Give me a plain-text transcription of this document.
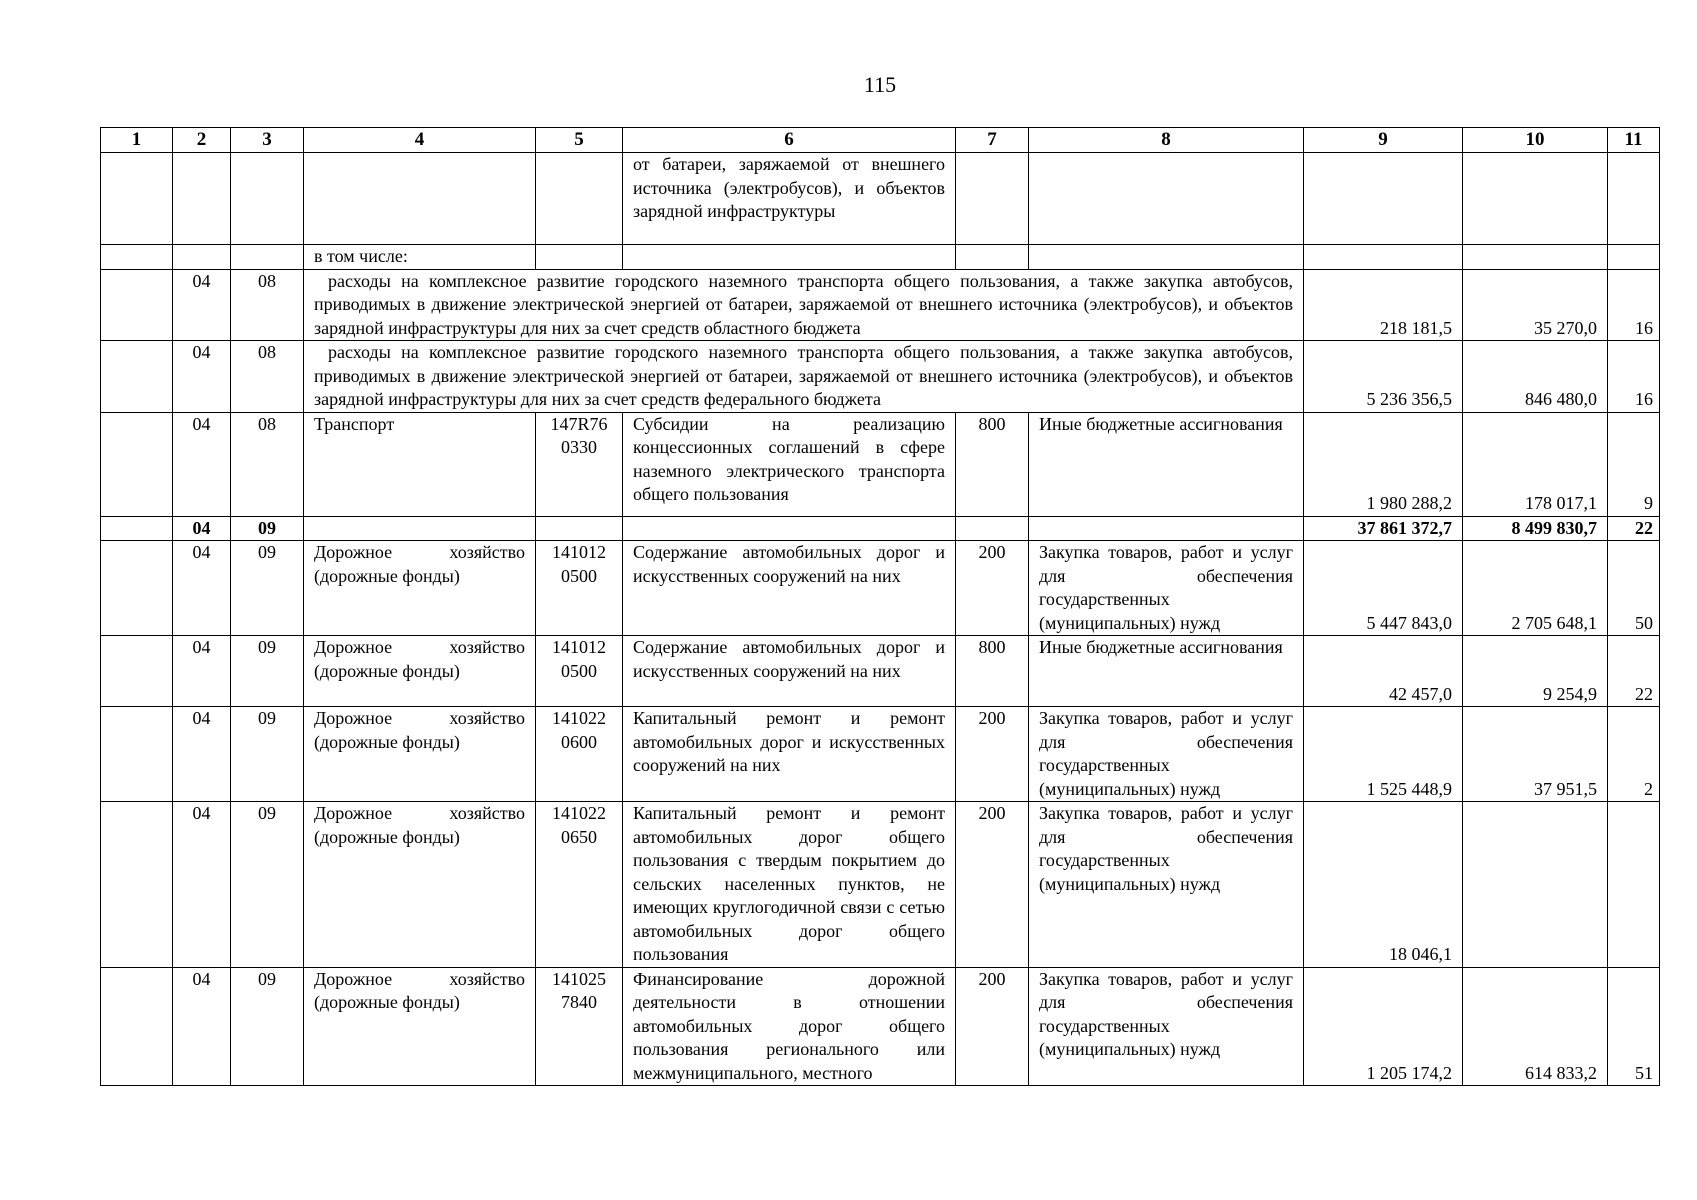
115
1	2	3	4	5	6	7	8	9	10	11
					от батареи, заряжаемой от внешнего источника (электробусов), и объектов зарядной инфраструктуры					
			в том числе:							
	04	08	расходы на комплексное развитие городского наземного транспорта общего пользования, а также закупка автобусов, приводимых в движение электрической энергией от батареи, заряжаемой от внешнего источника (электробусов), и объектов зарядной инфраструктуры для них за счет средств областного бюджета					218 181,5	35 270,0	16
	04	08	расходы на комплексное развитие городского наземного транспорта общего пользования, а также закупка автобусов, приводимых в движение электрической энергией от батареи, заряжаемой от внешнего источника (электробусов), и объектов зарядной инфраструктуры для них за счет средств федерального бюджета					5 236 356,5	846 480,0	16
	04	08	Транспорт	147R76 0330	Субсидии на реализацию концессионных соглашений в сфере наземного электрического транспорта общего пользования	800	Иные бюджетные ассигнования	1 980 288,2	178 017,1	9
	04	09						37 861 372,7	8 499 830,7	22
	04	09	Дорожное хозяйство (дорожные фонды)	141012 0500	Содержание автомобильных дорог и искусственных сооружений на них	200	Закупка товаров, работ и услуг для обеспечения государственных (муниципальных) нужд	5 447 843,0	2 705 648,1	50
	04	09	Дорожное хозяйство (дорожные фонды)	141012 0500	Содержание автомобильных дорог и искусственных сооружений на них	800	Иные бюджетные ассигнования	42 457,0	9 254,9	22
	04	09	Дорожное хозяйство (дорожные фонды)	141022 0600	Капитальный ремонт и ремонт автомобильных дорог и искусственных сооружений на них	200	Закупка товаров, работ и услуг для обеспечения государственных (муниципальных) нужд	1 525 448,9	37 951,5	2
	04	09	Дорожное хозяйство (дорожные фонды)	141022 0650	Капитальный ремонт и ремонт автомобильных дорог общего пользования с твердым покрытием до сельских населенных пунктов, не имеющих круглогодичной связи с сетью автомобильных дорог общего пользования	200	Закупка товаров, работ и услуг для обеспечения государственных (муниципальных) нужд	18 046,1		
	04	09	Дорожное хозяйство (дорожные фонды)	141025 7840	Финансирование дорожной деятельности в отношении автомобильных дорог общего пользования регионального или межмуниципального, местного	200	Закупка товаров, работ и услуг для обеспечения государственных (муниципальных) нужд	1 205 174,2	614 833,2	51
